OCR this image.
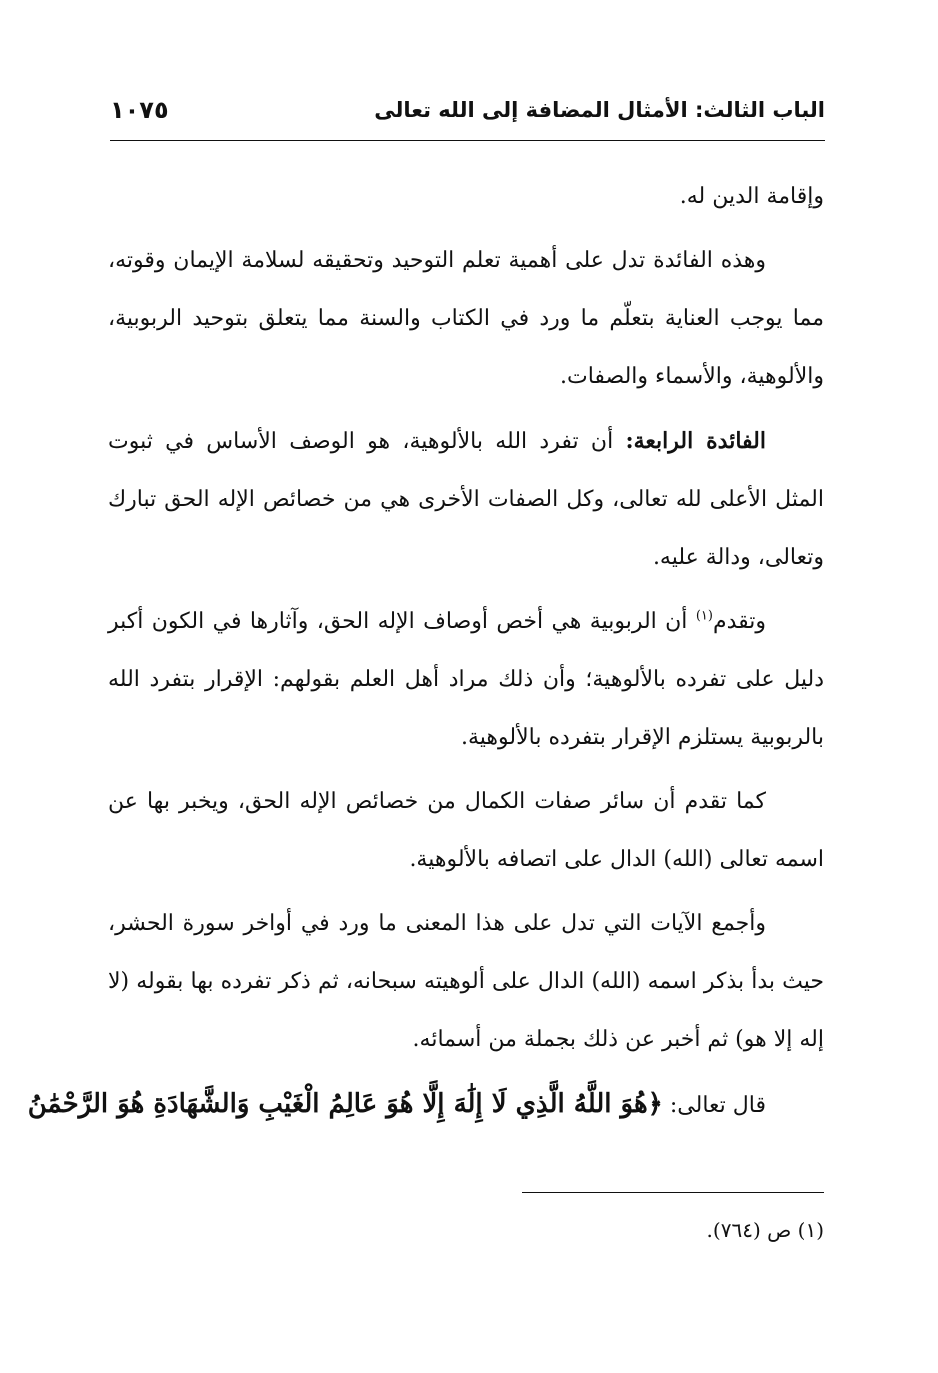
الباب الثالث: الأمثال المضافة إلى الله تعالى
١٠٧٥

وإقامة الدين له.

وهذه الفائدة تدل على أهمية تعلم التوحيد وتحقيقه لسلامة الإيمان وقوته، مما يوجب العناية بتعلّم ما ورد في الكتاب والسنة مما يتعلق بتوحيد الربوبية، والألوهية، والأسماء والصفات.

الفائدة الرابعة: أن تفرد الله بالألوهية، هو الوصف الأساس في ثبوت المثل الأعلى لله تعالى، وكل الصفات الأخرى هي من خصائص الإله الحق تبارك وتعالى، ودالة عليه.

وتقدم$^{(١)}$ أن الربوبية هي أخص أوصاف الإله الحق، وآثارها في الكون أكبر دليل على تفرده بالألوهية؛ وأن ذلك مراد أهل العلم بقولهم: الإقرار بتفرد الله بالربوبية يستلزم الإقرار بتفرده بالألوهية.

كما تقدم أن سائر صفات الكمال من خصائص الإله الحق، ويخبر بها عن اسمه تعالى (الله) الدال على اتصافه بالألوهية.

وأجمع الآيات التي تدل على هذا المعنى ما ورد في أواخر سورة الحشر، حيث بدأ بذكر اسمه (الله) الدال على ألوهيته سبحانه، ثم ذكر تفرده بها بقوله (لا إله إلا هو) ثم أخبر عن ذلك بجملة من أسمائه.

قال تعالى: ﴿هُوَ اللَّهُ الَّذِي لَا إِلَٰهَ إِلَّا هُوَ عَالِمُ الْغَيْبِ وَالشَّهَادَةِ هُوَ الرَّحْمَٰنُ

(١) ص (٧٦٤).
